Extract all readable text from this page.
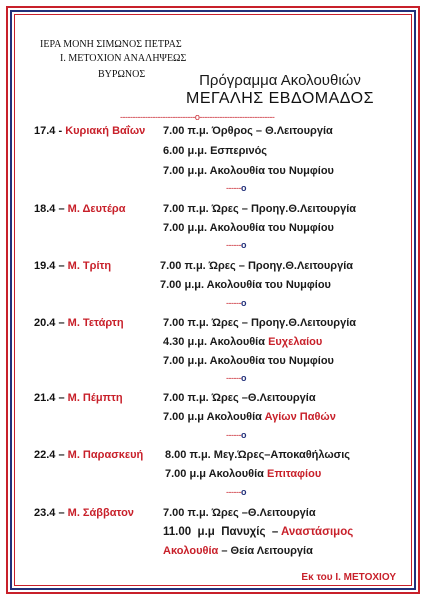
ΙΕΡΑ ΜΟΝΗ ΣΙΜΩΝΟΣ ΠΕΤΡΑΣ
Ι. ΜΕΤΟΧΙΟΝ ΑΝΑΛΗΨΕΩΣ
ΒΥΡΩΝΟΣ	Πρόγραμμα Ακολουθιών
ΜΕΓΑΛΗΣ ΕΒΔΟΜΑΔΟΣ
------------------------------o------------------------------
17.4 - Κυριακή Βαΐων 7.00 π.μ. Όρθρος – Θ.Λειτουργία
6.00 μ.μ. Εσπερινός
7.00 μ.μ. Ακολουθία του Νυμφίου
------o
18.4 – Μ. Δευτέρα	7.00 π.μ. Ώρες – Προηγ.Θ.Λειτουργία
7.00 μ.μ. Ακολουθία του Νυμφίου
------o
19.4 – Μ. Τρίτη	7.00 π.μ. Ώρες – Προηγ.Θ.Λειτουργία
7.00 μ.μ. Ακολουθία του Νυμφίου
------o
20.4 – Μ. Τετάρτη	7.00 π.μ. Ώρες – Προηγ.Θ.Λειτουργία
4.30 μ.μ. Ακολουθία Ευχελαίου
7.00 μ.μ. Ακολουθία του Νυμφίου
------o
21.4 – Μ. Πέμπτη	7.00 π.μ. Ώρες –Θ.Λειτουργία
7.00 μ.μ Ακολουθία Αγίων Παθών
------o
22.4 – Μ. Παρασκευή 8.00 π.μ. Μεγ.Ώρες–Αποκαθήλωσις
7.00 μ.μ Ακολουθία Επιταφίου
------o
23.4 – Μ. Σάββατον	7.00 π.μ. Ώρες –Θ.Λειτουργία
11.00  μ.μ  Πανυχίς  – Αναστάσιμος
Ακολουθία – Θεία Λειτουργία
Εκ του Ι. ΜΕΤΟΧΙΟΥ
